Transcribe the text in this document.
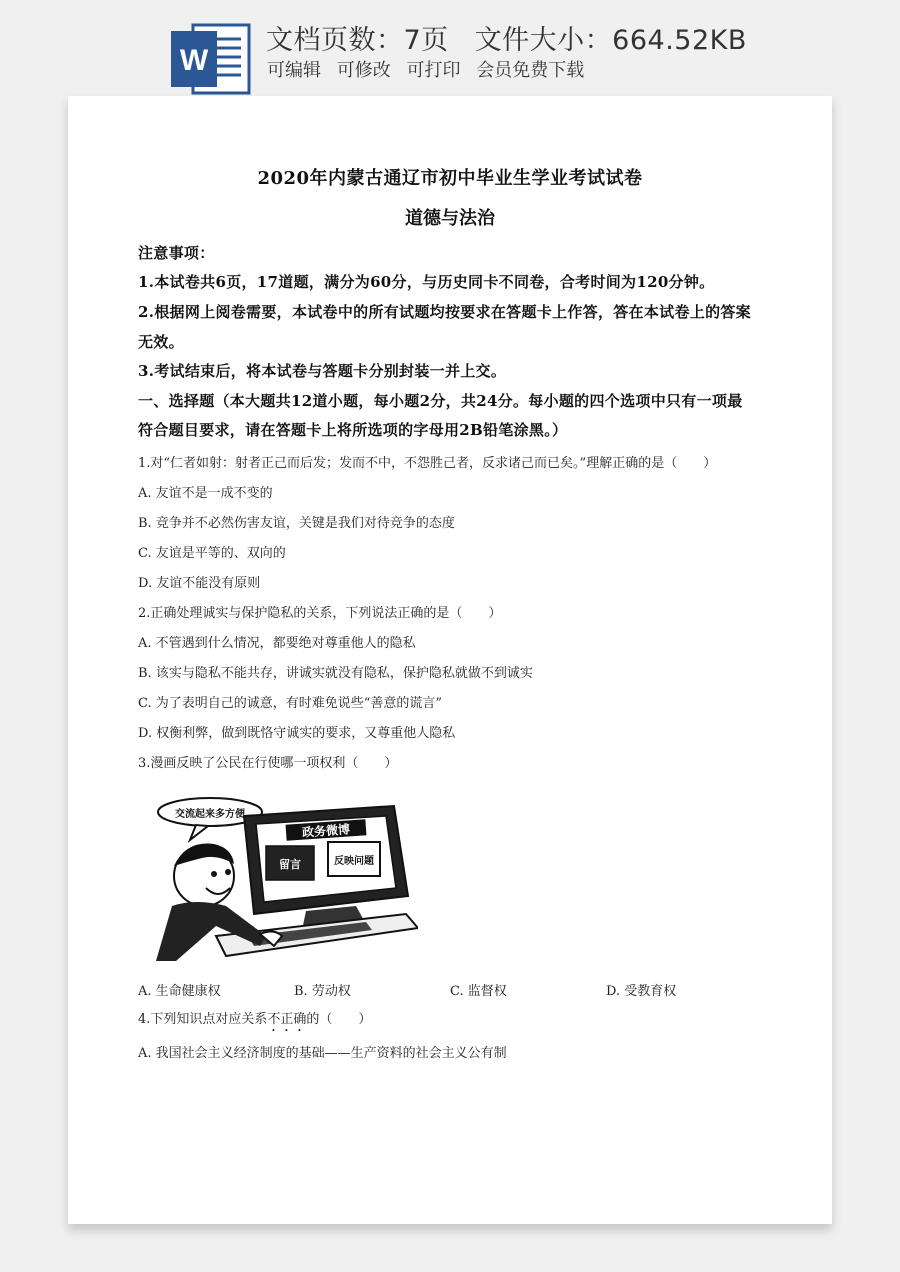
W
文档页数：7页 文件大小：664.52KB
可编辑 可修改 可打印 会员免费下载
2020年内蒙古通辽市初中毕业生学业考试试卷
道德与法治
注意事项：
1.本试卷共6页，17道题，满分为60分，与历史同卡不同卷，合考时间为120分钟。
2.根据网上阅卷需要，本试卷中的所有试题均按要求在答题卡上作答，答在本试卷上的答案
无效。
3.考试结束后，将本试卷与答题卡分别封装一并上交。
一、选择题（本大题共12道小题，每小题2分，共24分。每小题的四个选项中只有一项最
符合题目要求，请在答题卡上将所选项的字母用2B铅笔涂黑。）
1.对“仁者如射：射者正己而后发；发而不中，不怨胜己者，反求诸己而已矣。”理解正确的是（　　）
A. 友谊不是一成不变的
B. 竞争并不必然伤害友谊，关键是我们对待竞争的态度
C. 友谊是平等的、双向的
D. 友谊不能没有原则
2.正确处理诚实与保护隐私的关系，下列说法正确的是（　　）
A. 不管遇到什么情况，都要绝对尊重他人的隐私
B. 该实与隐私不能共存，讲诚实就没有隐私，保护隐私就做不到诚实
C. 为了表明自己的诚意，有时难免说些“善意的谎言”
D. 权衡利弊，做到既恪守诚实的要求，又尊重他人隐私
3.漫画反映了公民在行使哪一项权利（　　）
交流起来多方便
政务微博
留言	反映问题
A. 生命健康权	B. 劳动权	C. 监督权	D. 受教育权
4.下列知识点对应关系不正确的（　　）
A. 我国社会主义经济制度的基础——生产资料的社会主义公有制
